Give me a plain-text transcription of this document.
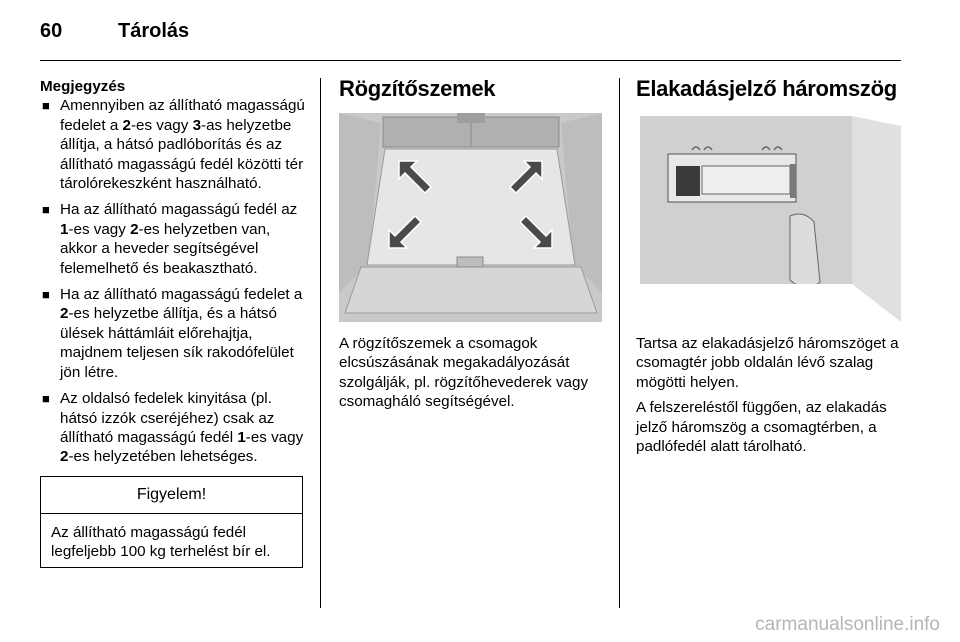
60	Tárolás
Megjegyzés
■ Amennyiben az állítható magasságú fedelet a 2-es vagy 3-as helyzetbe állítja, a hátsó padlóborítás és az állítható magasságú fedél közötti tér tárolórekeszként használható.
■ Ha az állítható magasságú fedél az 1-es vagy 2-es helyzetben van, akkor a heveder segítségével felemelhető és beakasztható.
■ Ha az állítható magasságú fedelet a 2-es helyzetbe állítja, és a hátsó ülések háttámláit előrehajtja, majdnem teljesen sík rakodófelület jön létre.
■ Az oldalsó fedelek kinyitása (pl. hátsó izzók cseréjéhez) csak az állítható magasságú fedél 1-es vagy 2-es helyzetében lehetséges.
Figyelem!
Az állítható magasságú fedél legfeljebb 100 kg terhelést bír el.
Rögzítőszemek
A rögzítőszemek a csomagok elcsúszásának megakadályozását szolgálják, pl. rögzítőhevederek vagy csomagháló segítségével.
Elakadásjelző háromszög

Tartsa az elakadásjelző háromszöget a csomagtér jobb oldalán lévő szalag mögötti helyen.

A felszereléstől függően, az elakadás jelző háromszög a csomagtérben, a padlófedél alatt tárolható.

carmanualsonline.info
